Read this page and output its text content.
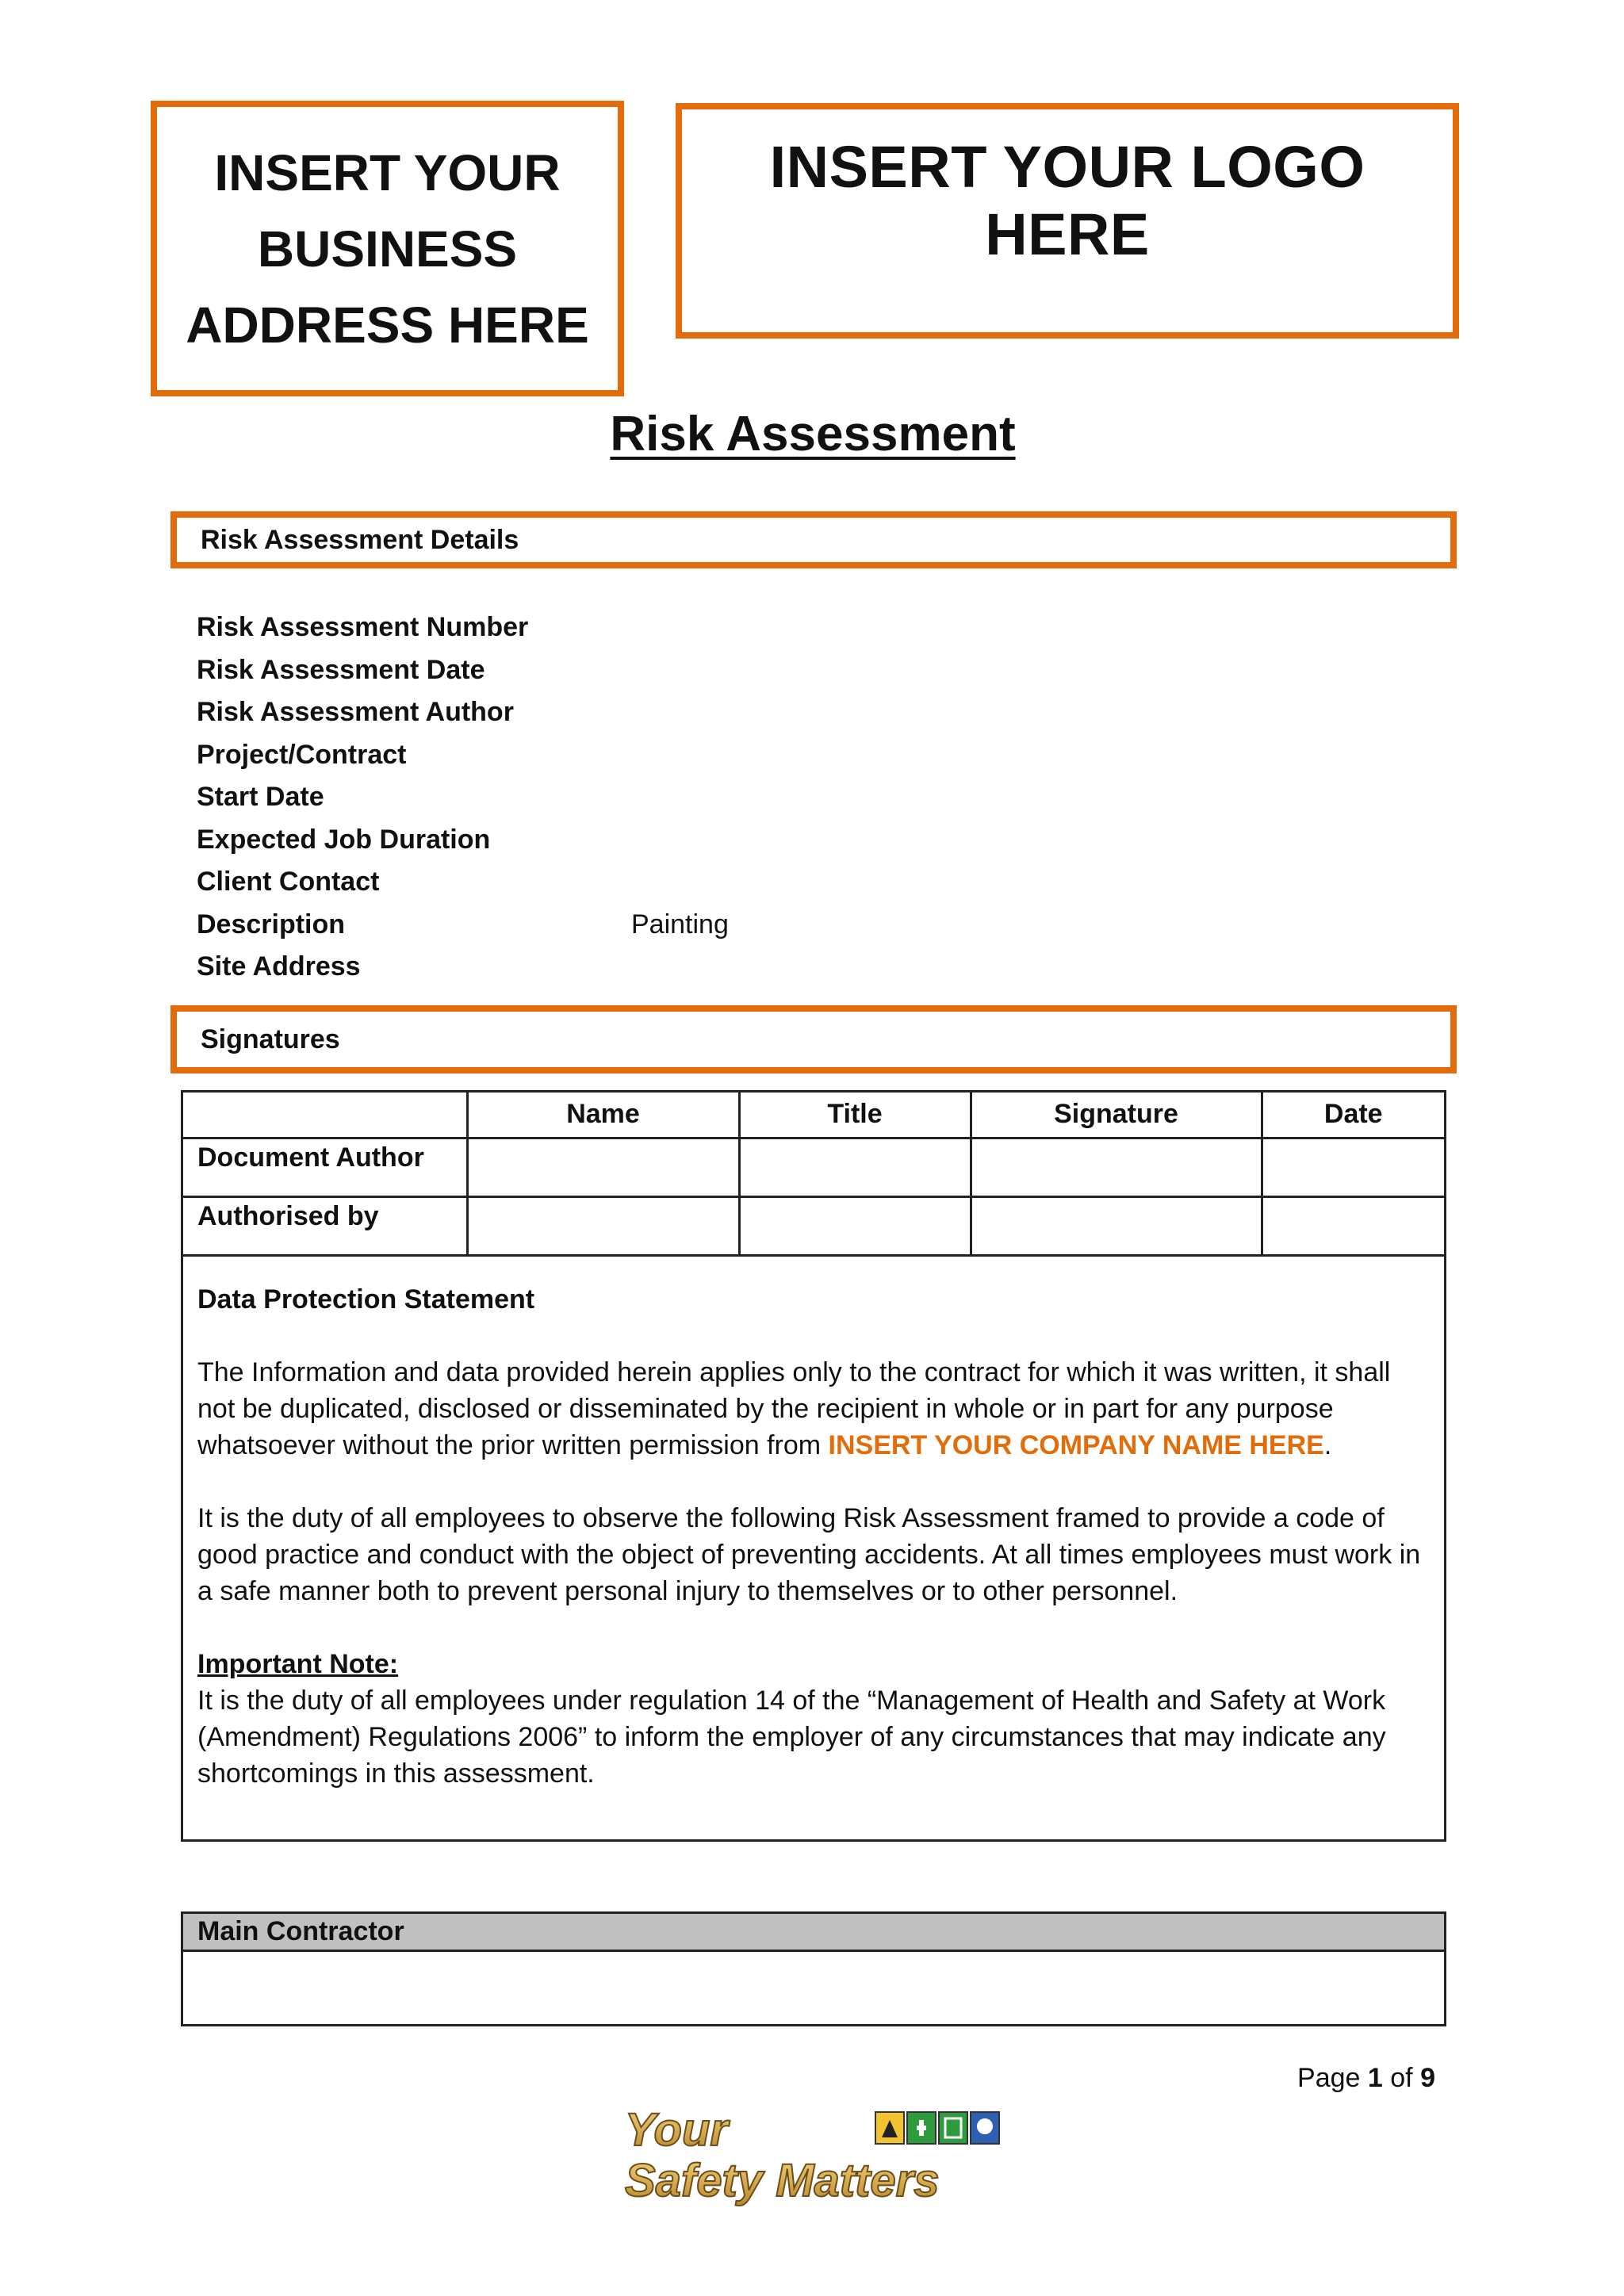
INSERT YOUR BUSINESS ADDRESS HERE
INSERT YOUR LOGO HERE
Risk Assessment
Risk Assessment Details
Risk Assessment Number
Risk Assessment Date
Risk Assessment Author
Project/Contract
Start Date
Expected Job Duration
Client Contact
Description	Painting
Site Address
Signatures
	Name	Title	Signature	Date
Document Author				
Authorised by				

Data Protection Statement

The Information and data provided herein applies only to the contract for which it was written, it shall not be duplicated, disclosed or disseminated by the recipient in whole or in part for any purpose whatsoever without the prior written permission from INSERT YOUR COMPANY NAME HERE.

It is the duty of all employees to observe the following Risk Assessment framed to provide a code of good practice and conduct with the object of preventing accidents. At all times employees must work in a safe manner both to prevent personal injury to themselves or to other personnel.

Important Note:

It is the duty of all employees under regulation 14 of the “Management of Health and Safety at Work (Amendment) Regulations 2006” to inform the employer of any circumstances that may indicate any shortcomings in this assessment.

Main Contractor
Page 1 of 9
Your
Safety Matters
